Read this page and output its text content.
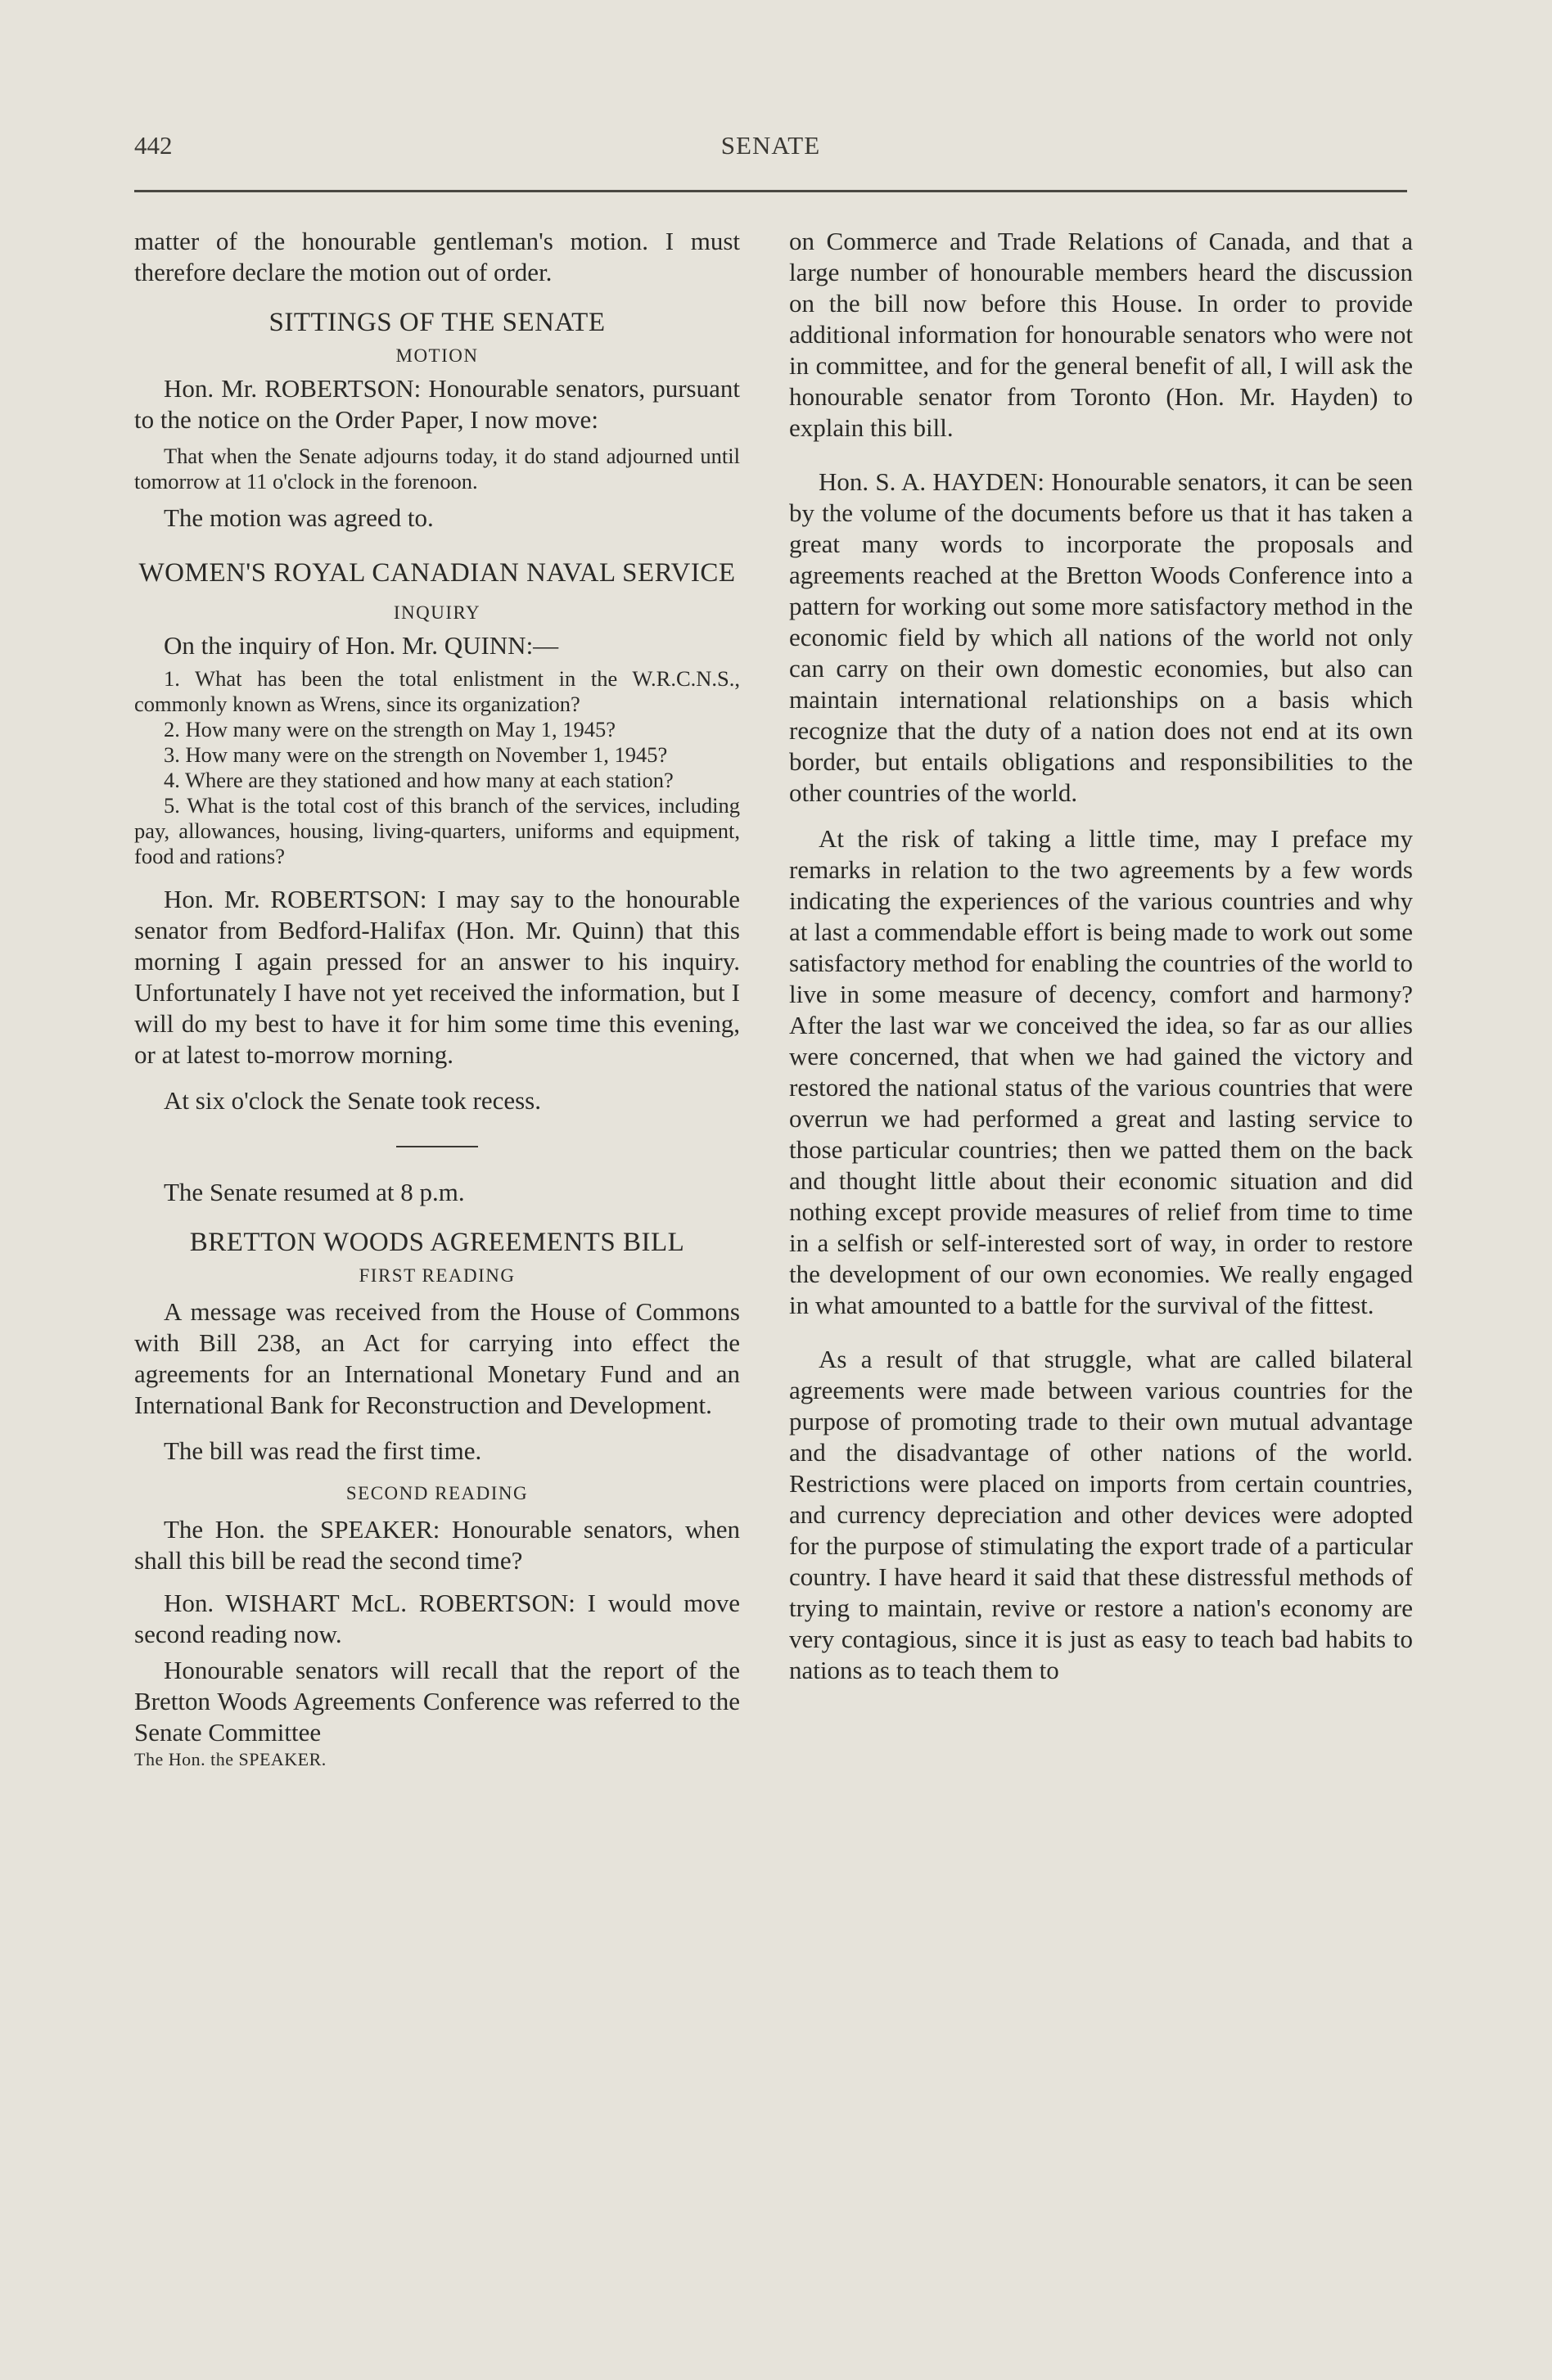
442	SENATE

matter of the honourable gentleman's motion. I must therefore declare the motion out of order.

SITTINGS OF THE SENATE
MOTION

Hon. Mr. ROBERTSON: Honourable senators, pursuant to the notice on the Order Paper, I now move:

That when the Senate adjourns today, it do stand adjourned until tomorrow at 11 o'clock in the forenoon.

The motion was agreed to.

WOMEN'S ROYAL CANADIAN NAVAL SERVICE
INQUIRY

On the inquiry of Hon. Mr. QUINN:—

1. What has been the total enlistment in the W.R.C.N.S., commonly known as Wrens, since its organization?

2. How many were on the strength on May 1, 1945?

3. How many were on the strength on November 1, 1945?

4. Where are they stationed and how many at each station?

5. What is the total cost of this branch of the services, including pay, allowances, housing, living-quarters, uniforms and equipment, food and rations?

Hon. Mr. ROBERTSON: I may say to the honourable senator from Bedford-Halifax (Hon. Mr. Quinn) that this morning I again pressed for an answer to his inquiry. Unfortunately I have not yet received the information, but I will do my best to have it for him some time this evening, or at latest to-morrow morning.

At six o'clock the Senate took recess.

The Senate resumed at 8 p.m.

BRETTON WOODS AGREEMENTS BILL
FIRST READING

A message was received from the House of Commons with Bill 238, an Act for carrying into effect the agreements for an International Monetary Fund and an International Bank for Reconstruction and Development.

The bill was read the first time.

SECOND READING

The Hon. the SPEAKER: Honourable senators, when shall this bill be read the second time?

Hon. WISHART McL. ROBERTSON: I would move second reading now.

Honourable senators will recall that the report of the Bretton Woods Agreements Conference was referred to the Senate Committee

The Hon. the SPEAKER.

on Commerce and Trade Relations of Canada, and that a large number of honourable members heard the discussion on the bill now before this House. In order to provide additional information for honourable senators who were not in committee, and for the general benefit of all, I will ask the honourable senator from Toronto (Hon. Mr. Hayden) to explain this bill.

Hon. S. A. HAYDEN: Honourable senators, it can be seen by the volume of the documents before us that it has taken a great many words to incorporate the proposals and agreements reached at the Bretton Woods Conference into a pattern for working out some more satisfactory method in the economic field by which all nations of the world not only can carry on their own domestic economies, but also can maintain international relationships on a basis which recognize that the duty of a nation does not end at its own border, but entails obligations and responsibilities to the other countries of the world.

At the risk of taking a little time, may I preface my remarks in relation to the two agreements by a few words indicating the experiences of the various countries and why at last a commendable effort is being made to work out some satisfactory method for enabling the countries of the world to live in some measure of decency, comfort and harmony? After the last war we conceived the idea, so far as our allies were concerned, that when we had gained the victory and restored the national status of the various countries that were overrun we had performed a great and lasting service to those particular countries; then we patted them on the back and thought little about their economic situation and did nothing except provide measures of relief from time to time in a selfish or self-interested sort of way, in order to restore the development of our own economies. We really engaged in what amounted to a battle for the survival of the fittest.

As a result of that struggle, what are called bilateral agreements were made between various countries for the purpose of promoting trade to their own mutual advantage and the disadvantage of other nations of the world. Restrictions were placed on imports from certain countries, and currency depreciation and other devices were adopted for the purpose of stimulating the export trade of a particular country. I have heard it said that these distressful methods of trying to maintain, revive or restore a nation's economy are very contagious, since it is just as easy to teach bad habits to nations as to teach them to
